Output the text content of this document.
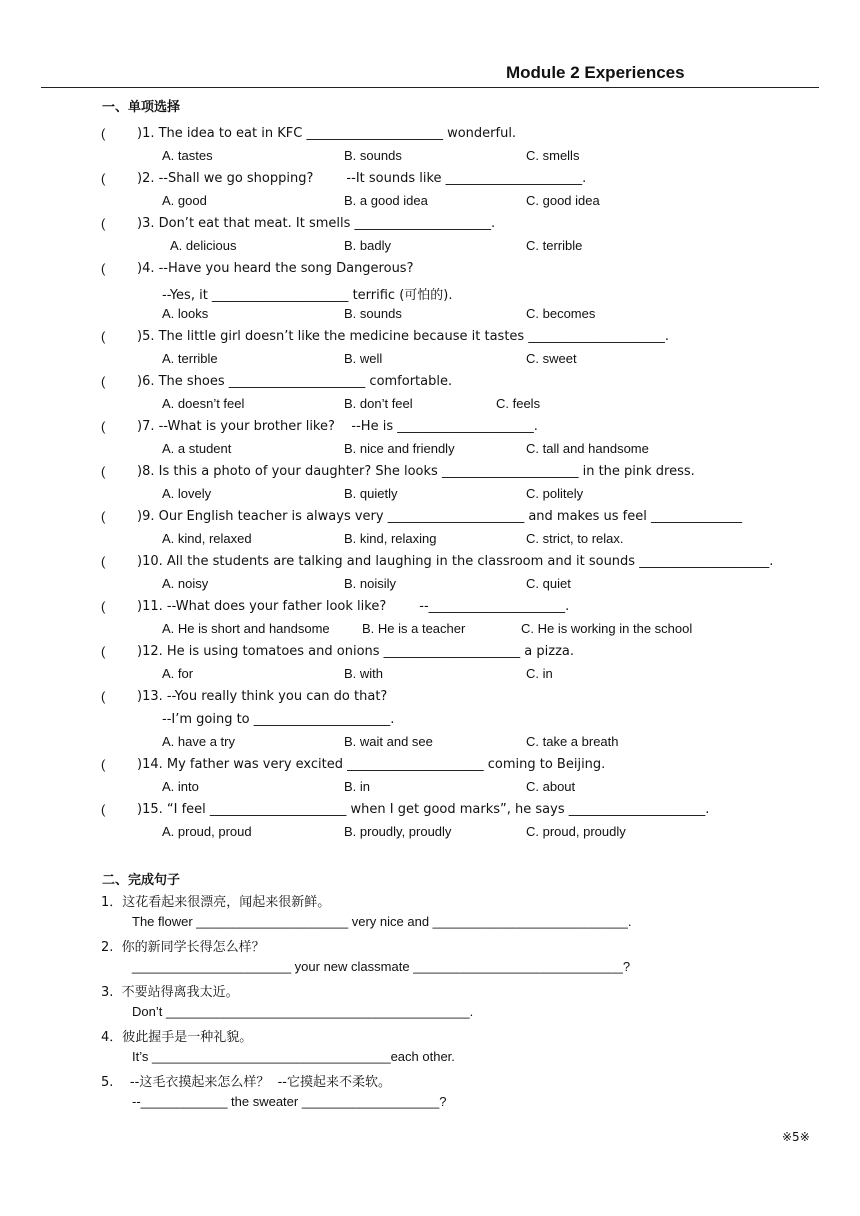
Module 2 Experiences
一、单项选择
( )1. The idea to eat in KFC _____________________ wonderful.
A. tastes	B. sounds	C. smells
( )2. --Shall we go shopping?        --It sounds like _____________________.
A. good	B. a good idea	C. good idea
( )3. Don’t eat that meat. It smells _____________________.
A. delicious	B. badly	C. terrible
( )4. --Have you heard the song Dangerous?
--Yes, it _____________________ terrific (可怕的).
A. looks	B. sounds	C. becomes
( )5. The little girl doesn’t like the medicine because it tastes _____________________.
A. terrible	B. well	C. sweet
( )6. The shoes _____________________ comfortable.
A. doesn’t feel	B. don’t feel	C. feels
( )7. --What is your brother like?    --He is _____________________.
A. a student	B. nice and friendly	C. tall and handsome
( )8. Is this a photo of your daughter? She looks _____________________ in the pink dress.
A. lovely	B. quietly	C. politely
( )9. Our English teacher is always very _____________________ and makes us feel ______________
A. kind, relaxed	B. kind, relaxing	C. strict, to relax.
( )10. All the students are talking and laughing in the classroom and it sounds ____________________.
A. noisy	B. noisily	C. quiet
( )11. --What does your father look like?        --_____________________.
A. He is short and handsome B. He is a teacher	C. He is working in the school
( )12. He is using tomatoes and onions _____________________ a pizza.
A. for	B. with	C. in
( )13. --You really think you can do that?
--I’m going to _____________________.
A. have a try	B. wait and see	C. take a breath
( )14. My father was very excited _____________________ coming to Beijing.
A. into	B. in	C. about
( )15. “I feel _____________________ when I get good marks”, he says _____________________.
A. proud, proud	B. proudly, proudly	C. proud, proudly
二、完成句子
1．这花看起来很漂亮，闻起来很新鲜。
The flower _____________________ very nice and ___________________________.
2.  你的新同学长得怎么样？
______________________ your new classmate _____________________________?
3.  不要站得离我太近。
Don’t __________________________________________.
4．彼此握手是一种礼貌。
It’s _________________________________each other.
5.    --这毛衣摸起来怎么样？  --它摸起来不柔软。
--____________ the sweater ___________________?
※5※
